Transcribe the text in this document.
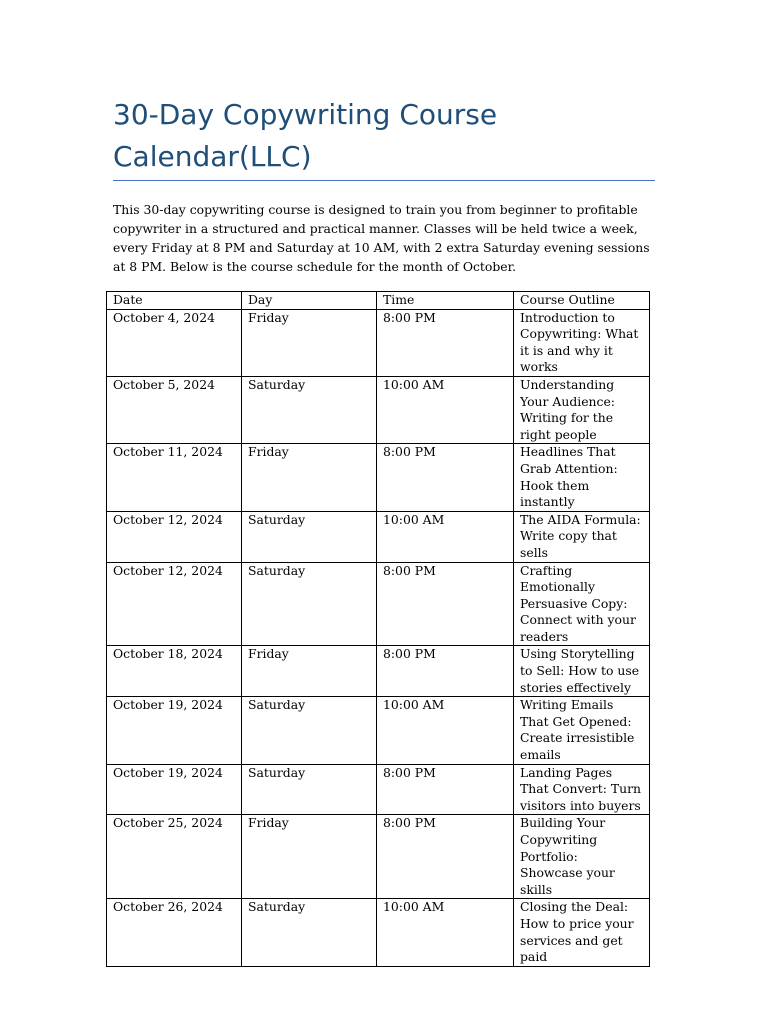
30-Day Copywriting Course Calendar(LLC)

This 30-day copywriting course is designed to train you from beginner to profitable copywriter in a structured and practical manner. Classes will be held twice a week, every Friday at 8 PM and Saturday at 10 AM, with 2 extra Saturday evening sessions at 8 PM. Below is the course schedule for the month of October.

Date	Day	Time	Course Outline
October 4, 2024	Friday	8:00 PM	Introduction to Copywriting: What it is and why it works
October 5, 2024	Saturday	10:00 AM	Understanding Your Audience: Writing for the right people
October 11, 2024	Friday	8:00 PM	Headlines That Grab Attention: Hook them instantly
October 12, 2024	Saturday	10:00 AM	The AIDA Formula: Write copy that sells
October 12, 2024	Saturday	8:00 PM	Crafting Emotionally Persuasive Copy: Connect with your readers
October 18, 2024	Friday	8:00 PM	Using Storytelling to Sell: How to use stories effectively
October 19, 2024	Saturday	10:00 AM	Writing Emails That Get Opened: Create irresistible emails
October 19, 2024	Saturday	8:00 PM	Landing Pages That Convert: Turn visitors into buyers
October 25, 2024	Friday	8:00 PM	Building Your Copywriting Portfolio: Showcase your skills
October 26, 2024	Saturday	10:00 AM	Closing the Deal: How to price your services and get paid
